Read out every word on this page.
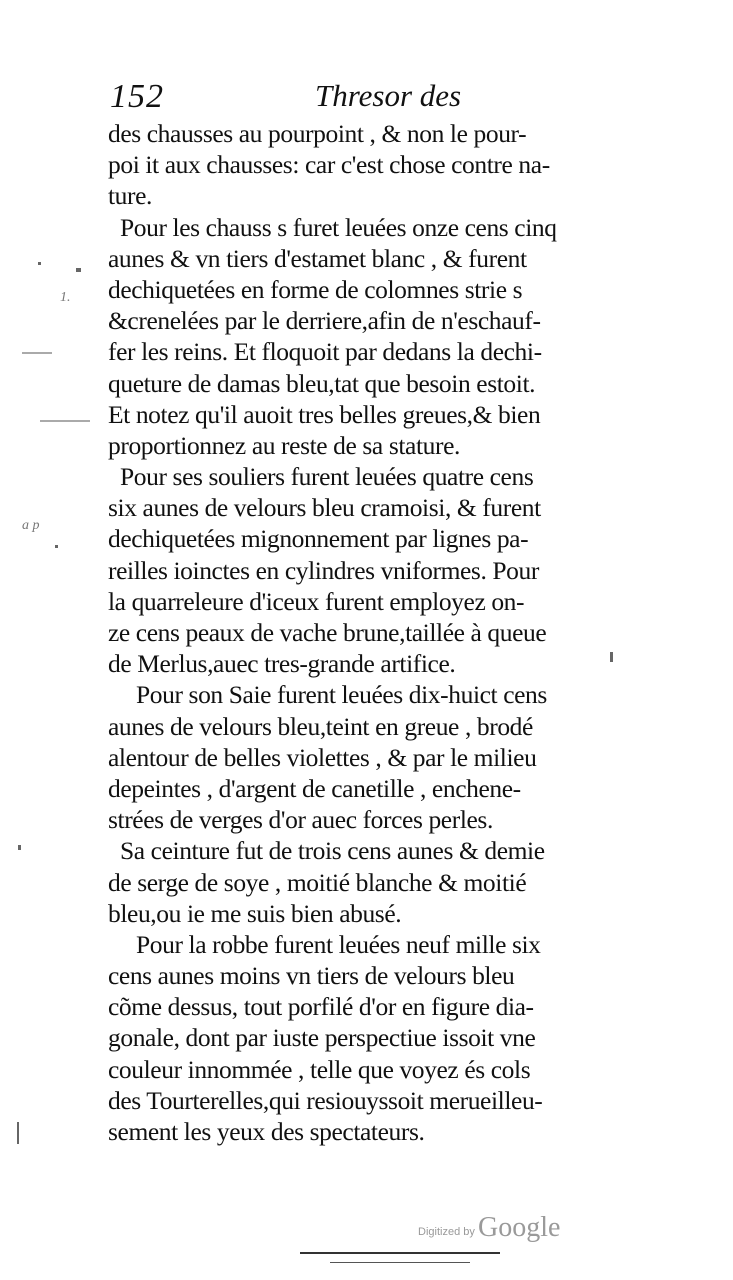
152	Thresor des
des chausses au pourpoint , & non le pour-
poi it aux chausses: car c'est chose contre na-
ture.
Pour les chauss s furet leuées onze cens cinq
aunes & vn tiers d'estamet blanc , & furent
dechiquetées en forme de colomnes strie s
&crenelées par le derriere,afin de n'eschauf-
fer les reins. Et floquoit par dedans la dechi-
queture de damas bleu,tat que besoin estoit.
Et notez qu'il auoit tres belles greues,& bien
proportionnez au reste de sa stature.
Pour ses souliers furent leuées quatre cens
six aunes de velours bleu cramoisi, & furent
dechiquetées mignonnement par lignes pa-
reilles ioinctes en cylindres vniformes. Pour
la quarreleure d'iceux furent employez on-
ze cens peaux de vache brune,taillée à queue
de Merlus,auec tres-grande artifice.
Pour son Saie furent leuées dix-huict cens
aunes de velours bleu,teint en greue , brodé
alentour de belles violettes , & par le milieu
depeintes , d'argent de canetille , enchene-
strées de verges d'or auec forces perles.
Sa ceinture fut de trois cens aunes & demie
de serge de soye , moitié blanche & moitié
bleu,ou ie me suis bien abusé.
Pour la robbe furent leuées neuf mille six
cens aunes moins vn tiers de velours bleu
cõme dessus, tout porfilé d'or en figure dia-
gonale, dont par iuste perspectiue issoit vne
couleur innommée , telle que voyez és cols
des Tourterelles,qui resiouyssoit merueilleu-
sement les yeux des spectateurs.
1.
a p
Digitized by Google
